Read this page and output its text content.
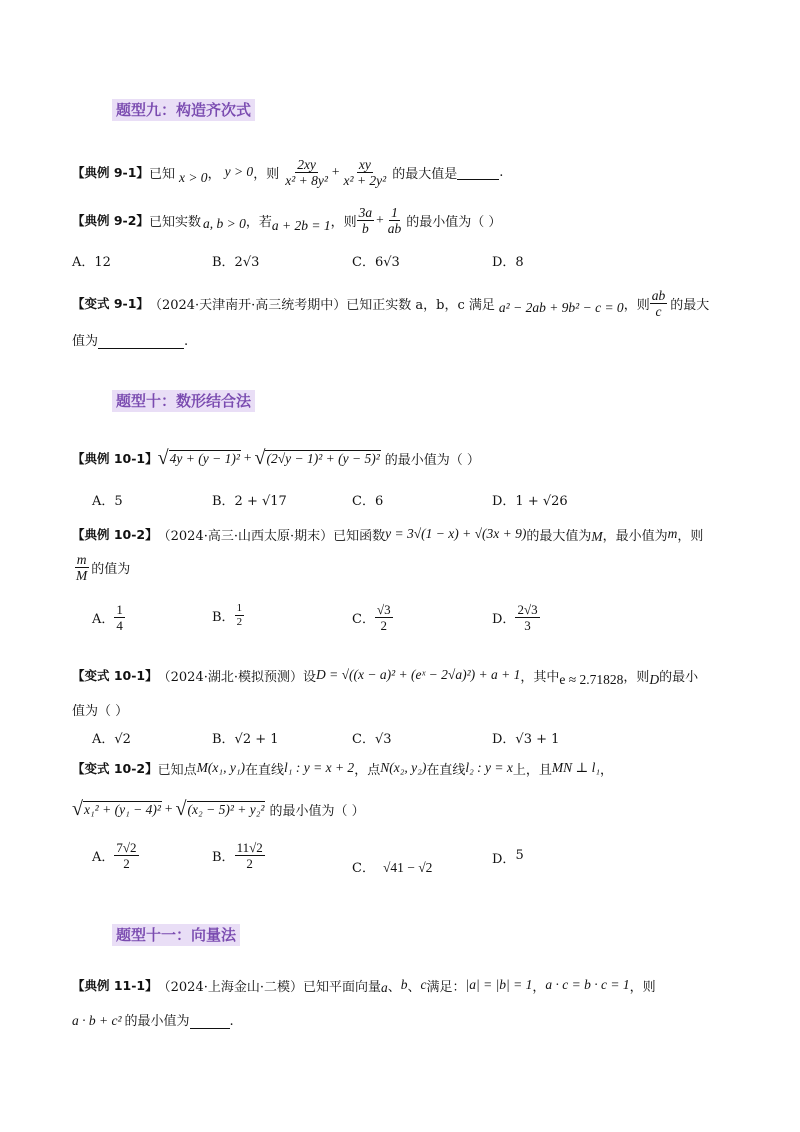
题型九：构造齐次式
【典例 9-1】 已知 x > 0 ， y > 0 ，则 $\frac{2xy}{\text{x² + 8y²}} + \frac{xy}{\text{x² + 2y²}}$ 的最大值是	.
【典例 9-2】 已知实数 a, b > 0 ，若 a + 2b = 1 ，则 $\frac{3a}{b} + \frac{1}{ab}$ 的最小值为（ ）
A．12	B．2√3	C．6√3	D．8
【变式 9-1】 （2024·天津南开·高三统考期中）已知正实数 a，b，c 满足 a² − 2ab + 9b² − c = 0 ，则 $\frac{ab}{c}$ 的最大
值为	.
题型十：数形结合法
【典例 10-1】 √ 4y + (y − 1)² + √ (2√y − 1)² + (y − 5)² 的最小值为（ ）
A．5	B．2 + √17	C．6	D．1 + √26
【典例 10-2】 （2024·高三·山西太原·期末）已知函数 y = 3√(1 − x) + √(3x + 9) 的最大值为 M ，最小值为 m ，则
$\frac{m}{M}$ 的值为
A． $\frac{1}{4}$	B． $\frac{1}{2}$	C． $\frac{√3}{2}$	D． $\frac{2√3}{3}$
【变式 10-1】 （2024·湖北·模拟预测）设 D = √((x − a)² + (eˣ − 2√a)²) + a + 1 ，其中 e ≈ 2.71828 ，则 D 的最小
值为（ ）
A．√2	B．√2 + 1	C．√3	D．√3 + 1
【变式 10-2】 已知点 M(x₁, y₁) 在直线 l₁ : y = x + 2 ，点 N(x₂, y₂) 在直线 l₂ : y = x 上，且 MN ⊥ l₁ ，
√ x₁² + (y₁ − 4)² + √ (x₂ − 5)² + y₂² 的最小值为（ ）
A． $\frac{7√2}{2}$	B． $\frac{11√2}{2}$	C． √41 − √2
D． 5
题型十一：向量法
【典例 11-1】 （2024·上海金山·二模）已知平面向量 a 、 b 、 c 满足： |a| = |b| = 1 ， a · c = b · c = 1 ，则
a · b + c² 的最小值为	.
